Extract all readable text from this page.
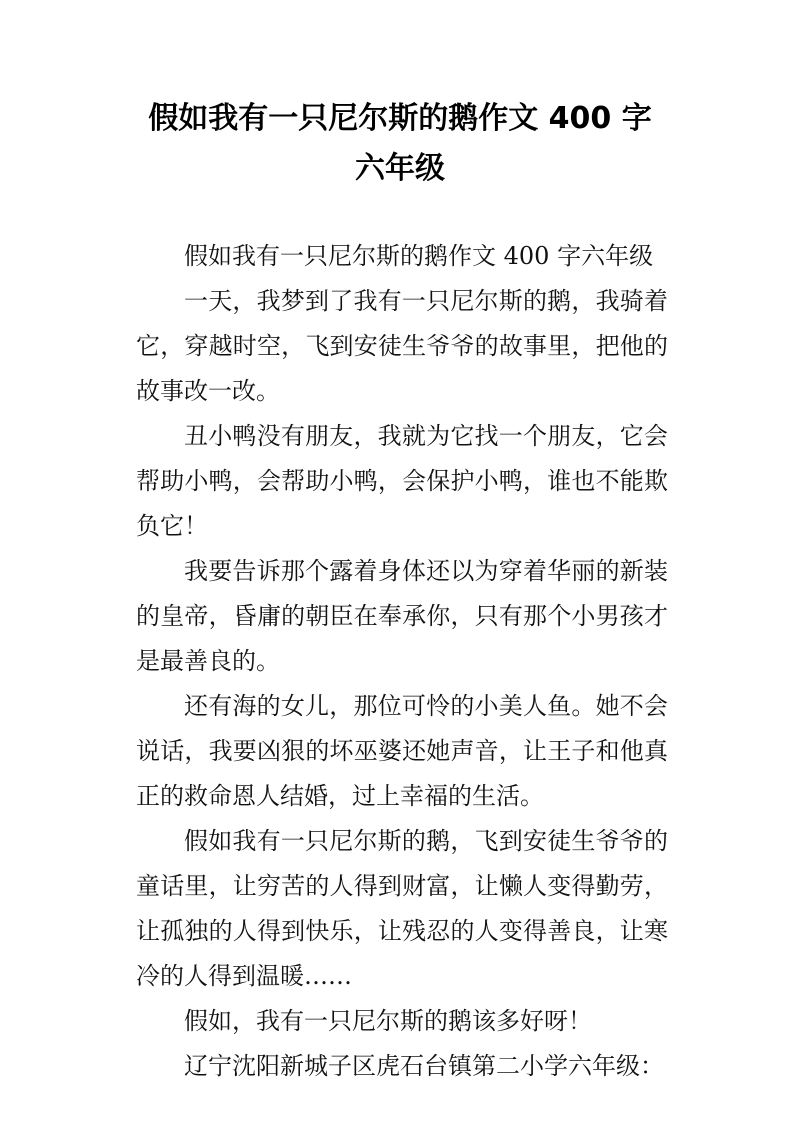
假如我有一只尼尔斯的鹅作文 400 字
六年级

假如我有一只尼尔斯的鹅作文 400 字六年级

一天，我梦到了我有一只尼尔斯的鹅，我骑着它，穿越时空，飞到安徒生爷爷的故事里，把他的故事改一改。

丑小鸭没有朋友，我就为它找一个朋友，它会帮助小鸭，会帮助小鸭，会保护小鸭，谁也不能欺负它！

我要告诉那个露着身体还以为穿着华丽的新装的皇帝，昏庸的朝臣在奉承你，只有那个小男孩才是最善良的。

还有海的女儿，那位可怜的小美人鱼。她不会说话，我要凶狠的坏巫婆还她声音，让王子和他真正的救命恩人结婚，过上幸福的生活。

假如我有一只尼尔斯的鹅，飞到安徒生爷爷的童话里，让穷苦的人得到财富，让懒人变得勤劳，让孤独的人得到快乐，让残忍的人变得善良，让寒冷的人得到温暖……

假如，我有一只尼尔斯的鹅该多好呀！

辽宁沈阳新城子区虎石台镇第二小学六年级：
